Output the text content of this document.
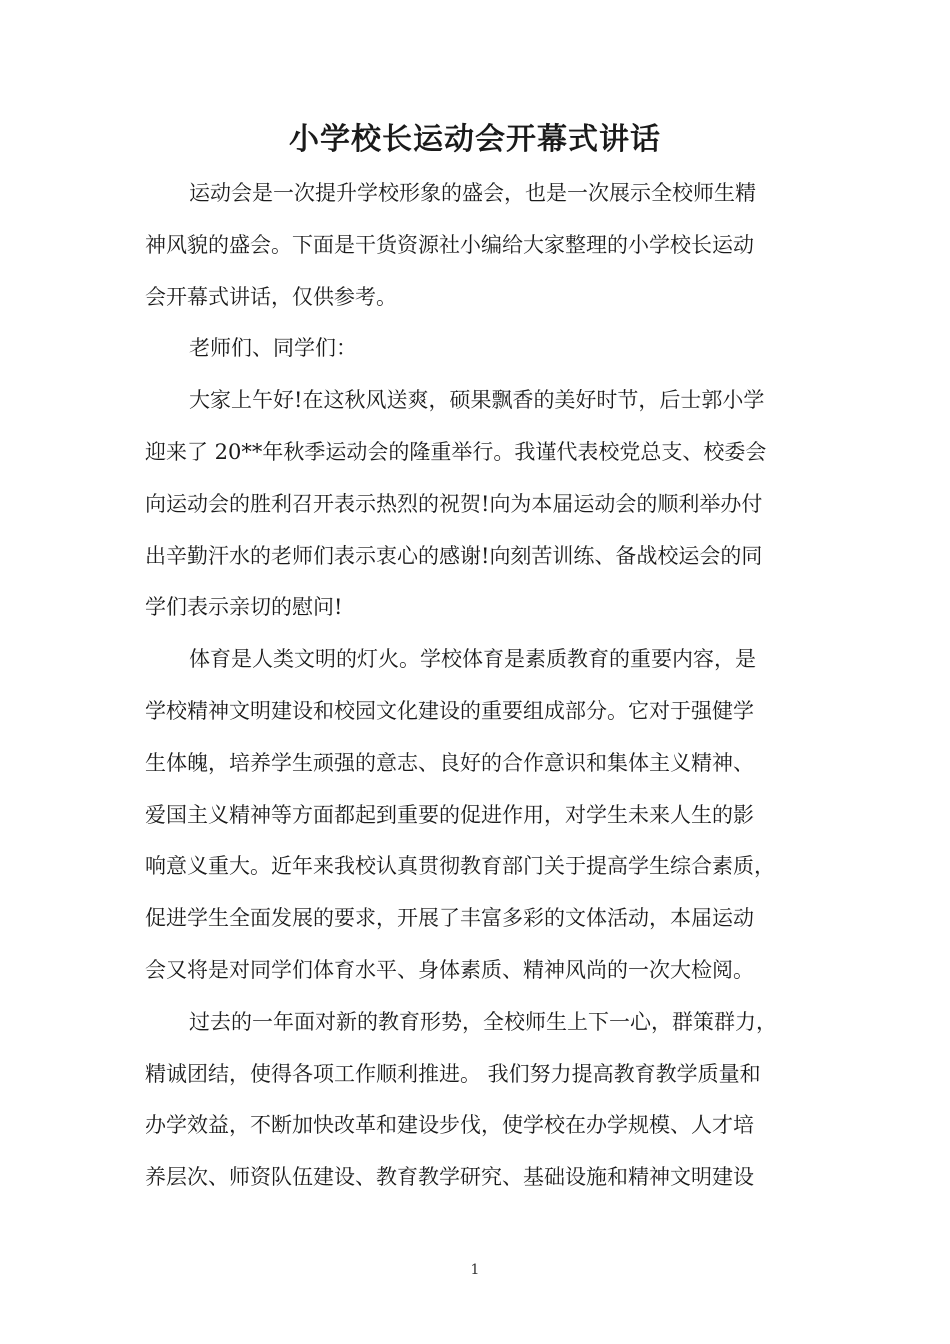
小学校长运动会开幕式讲话
运动会是一次提升学校形象的盛会，也是一次展示全校师生精
神风貌的盛会。下面是干货资源社小编给大家整理的小学校长运动
会开幕式讲话，仅供参考。
老师们、同学们：
大家上午好!在这秋风送爽，硕果飘香的美好时节，后士郭小学
迎来了 20**年秋季运动会的隆重举行。我谨代表校党总支、校委会
向运动会的胜利召开表示热烈的祝贺!向为本届运动会的顺利举办付
出辛勤汗水的老师们表示衷心的感谢!向刻苦训练、备战校运会的同
学们表示亲切的慰问!
体育是人类文明的灯火。学校体育是素质教育的重要内容，是
学校精神文明建设和校园文化建设的重要组成部分。它对于强健学
生体魄，培养学生顽强的意志、良好的合作意识和集体主义精神、
爱国主义精神等方面都起到重要的促进作用，对学生未来人生的影
响意义重大。近年来我校认真贯彻教育部门关于提高学生综合素质，
促进学生全面发展的要求，开展了丰富多彩的文体活动，本届运动
会又将是对同学们体育水平、身体素质、精神风尚的一次大检阅。
过去的一年面对新的教育形势，全校师生上下一心，群策群力，
精诚团结，使得各项工作顺利推进。 我们努力提高教育教学质量和
办学效益，不断加快改革和建设步伐，使学校在办学规模、人才培
养层次、师资队伍建设、教育教学研究、基础设施和精神文明建设
1
